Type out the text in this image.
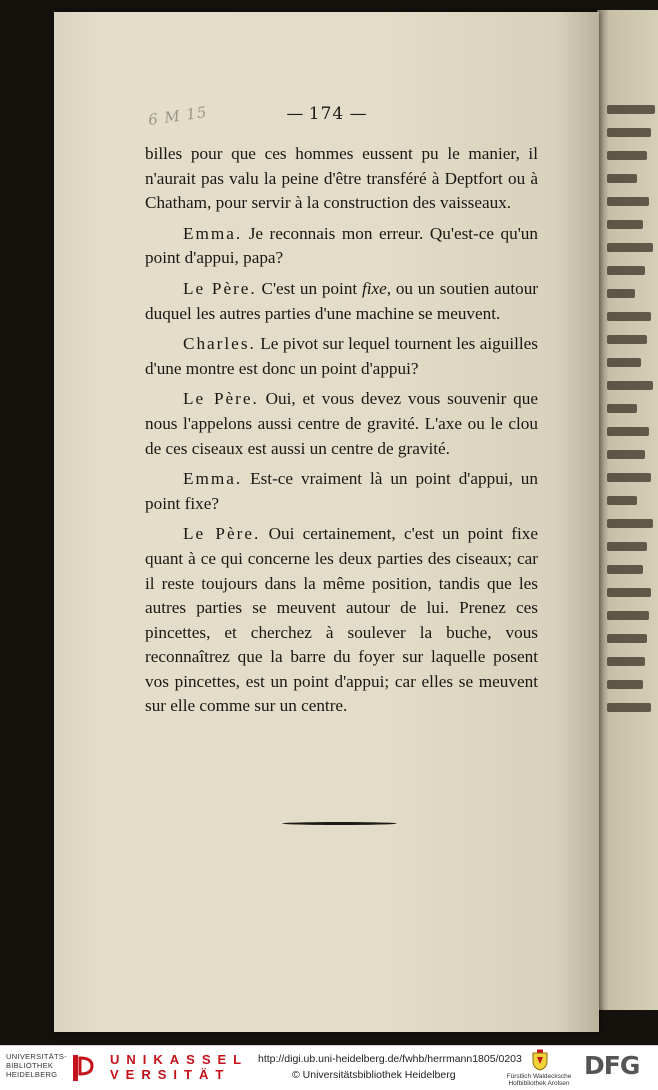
6 M 15	— 174 —

billes pour que ces hommes eussent pu le manier, il n'aurait pas valu la peine d'être transféré à Deptfort ou à Chatham, pour servir à la construction des vaisseaux.

Emma. Je reconnais mon erreur. Qu'est-ce qu'un point d'appui, papa?

Le Père. C'est un point fixe, ou un soutien autour duquel les autres parties d'une machine se meuvent.

Charles. Le pivot sur lequel tournent les aiguilles d'une montre est donc un point d'appui?

Le Père. Oui, et vous devez vous souvenir que nous l'appelons aussi centre de gravité. L'axe ou le clou de ces ciseaux est aussi un centre de gravité.

Emma. Est-ce vraiment là un point d'appui, un point fixe?

Le Père. Oui certainement, c'est un point fixe quant à ce qui concerne les deux parties des ciseaux; car il reste toujours dans la même position, tandis que les autres parties se meuvent autour de lui. Prenez ces pincettes, et cherchez à soulever la buche, vous reconnaîtrez que la barre du foyer sur laquelle posent vos pincettes, est un point d'appui; car elles se meuvent sur elle comme sur un centre.

UNIVERSITÄTS-
BIBLIOTHEK
HEIDELBERG
UNIKASSEL
VERSITÄT
http://digi.ub.uni-heidelberg.de/fwhb/herrmann1805/0203
© Universitätsbibliothek Heidelberg	Fürstlich Waldecksche
Hofbibliothek Arolsen
DFG
